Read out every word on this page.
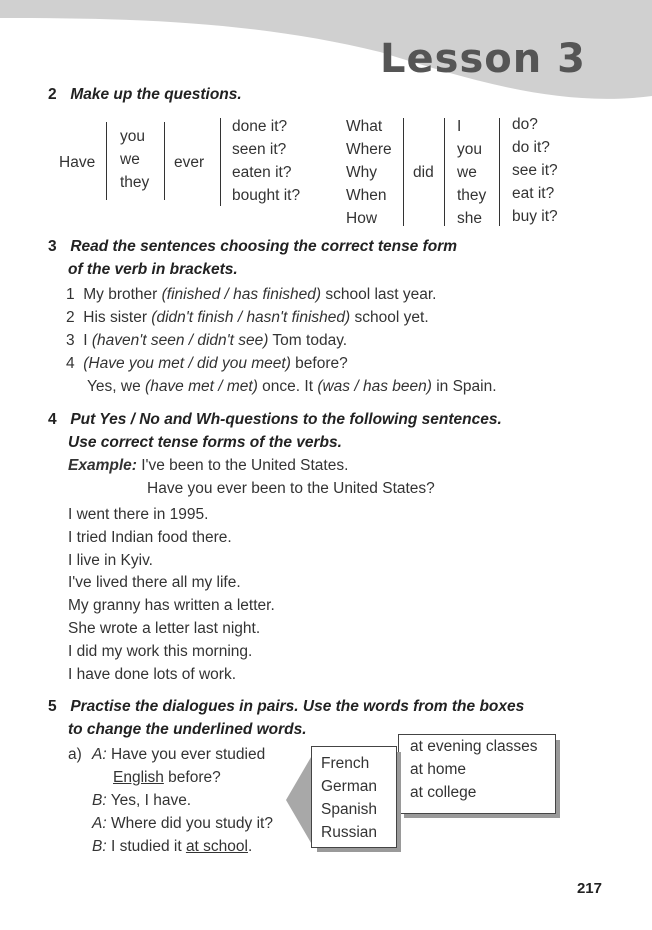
Lesson 3
2 Make up the questions.
Have
you
we
they
ever
done it?
seen it?
eaten it?
bought it?
What
Where
Why
When
How
did
I
you
we
they
she
do?
do it?
see it?
eat it?
buy it?
3 Read the sentences choosing the correct tense form
of the verb in brackets.
1 My brother (finished / has finished) school last year.
2 His sister (didn't finish / hasn't finished) school yet.
3 I (haven't seen / didn't see) Tom today.
4 (Have you met / did you meet) before?
Yes, we (have met / met) once. It (was / has been) in Spain.
4 Put Yes / No and Wh-questions to the following sentences.
Use correct tense forms of the verbs.
Example: I've been to the United States.
Have you ever been to the United States?
I went there in 1995.
I tried Indian food there.
I live in Kyiv.
I've lived there all my life.
My granny has written a letter.
She wrote a letter last night.
I did my work this morning.
I have done lots of work.
5 Practise the dialogues in pairs. Use the words from the boxes
to change the underlined words.
a) A: Have you ever studied
English before?
B: Yes, I have.
A: Where did you study it?
B: I studied it at school.
at evening classes
at home
at college
French
German
Spanish
Russian
217
